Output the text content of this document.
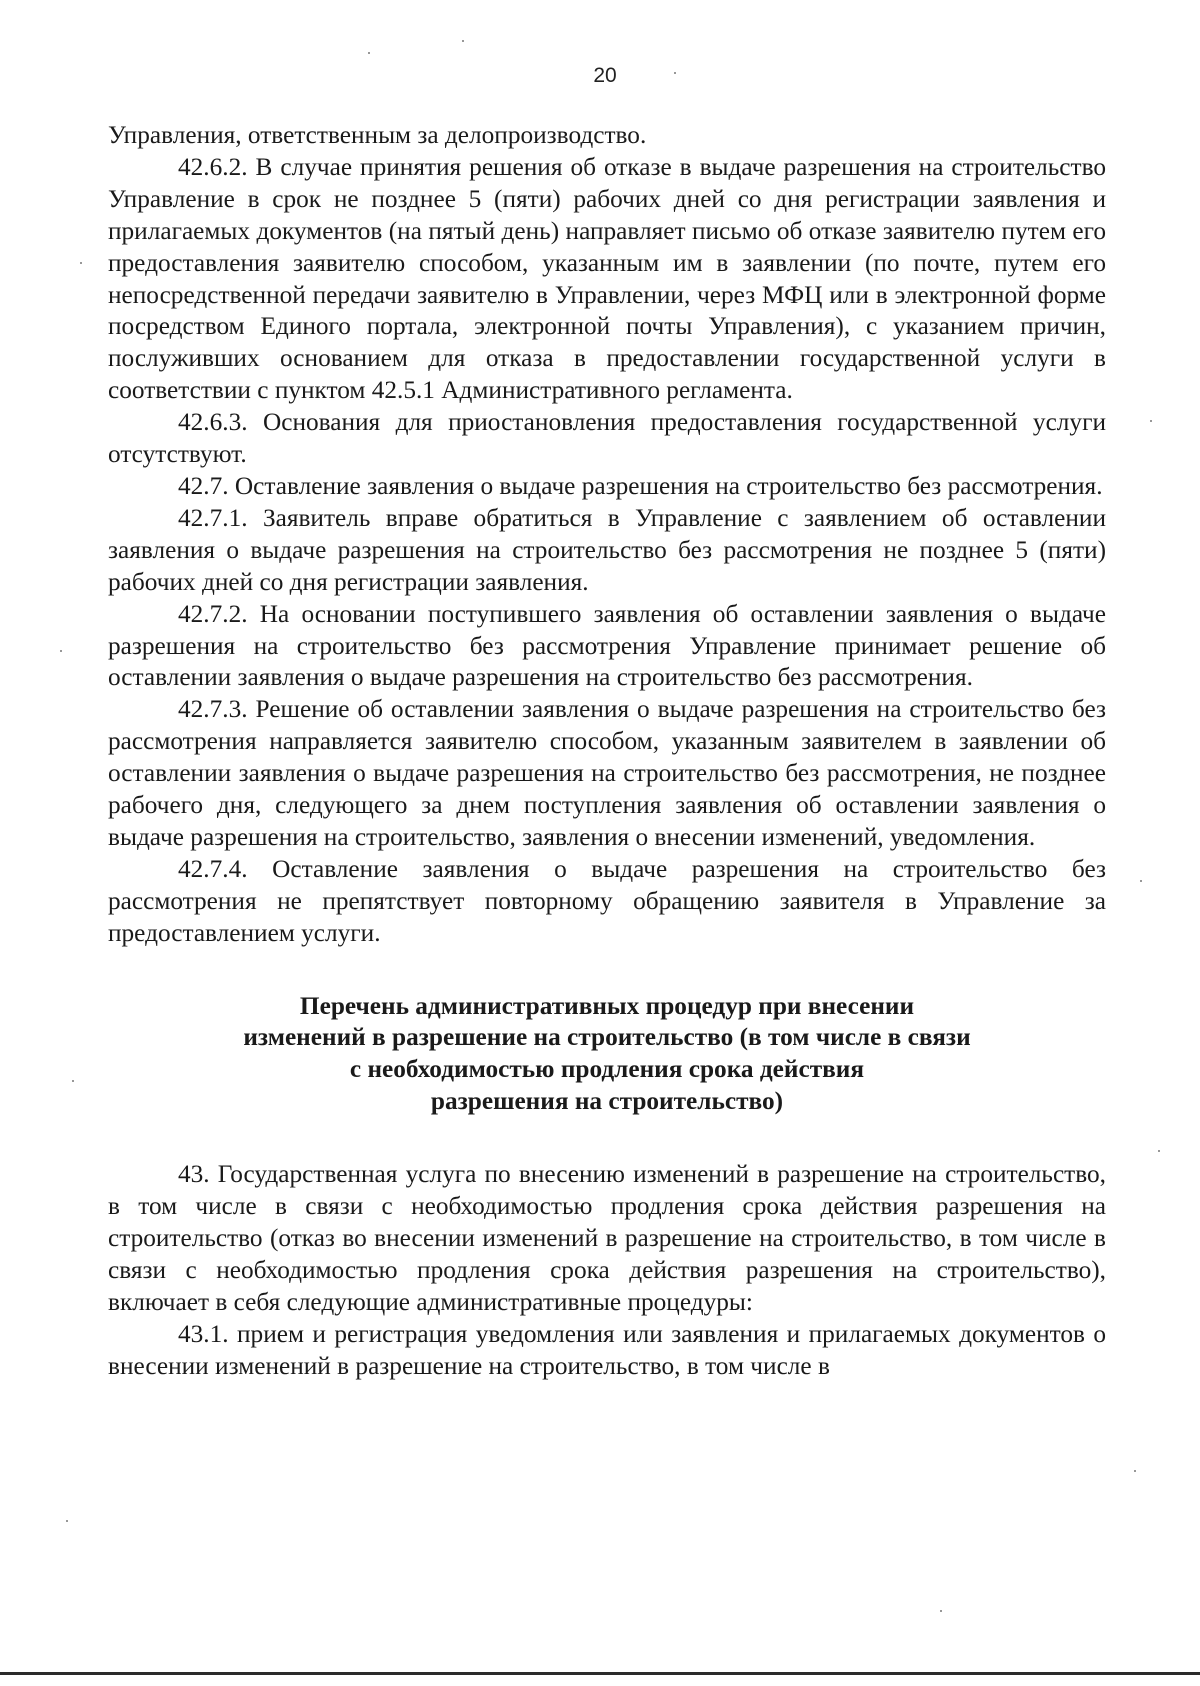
20

Управления, ответственным за делопроизводство.

42.6.2. В случае принятия решения об отказе в выдаче разрешения на строительство Управление в срок не позднее 5 (пяти) рабочих дней со дня регистрации заявления и прилагаемых документов (на пятый день) направляет письмо об отказе заявителю путем его предоставления заявителю способом, указанным им в заявлении (по почте, путем его непосредственной передачи заявителю в Управлении, через МФЦ или в электронной форме посредством Единого портала, электронной почты Управления), с указанием причин, послуживших основанием для отказа в предоставлении государственной услуги в соответствии с пунктом 42.5.1 Административного регламента.

42.6.3. Основания для приостановления предоставления государственной услуги отсутствуют.

42.7. Оставление заявления о выдаче разрешения на строительство без рассмотрения.

42.7.1. Заявитель вправе обратиться в Управление с заявлением об оставлении заявления о выдаче разрешения на строительство без рассмотрения не позднее 5 (пяти) рабочих дней со дня регистрации заявления.

42.7.2. На основании поступившего заявления об оставлении заявления о выдаче разрешения на строительство без рассмотрения Управление принимает решение об оставлении заявления о выдаче разрешения на строительство без рассмотрения.

42.7.3. Решение об оставлении заявления о выдаче разрешения на строительство без рассмотрения направляется заявителю способом, указанным заявителем в заявлении об оставлении заявления о выдаче разрешения на строительство без рассмотрения, не позднее рабочего дня, следующего за днем поступления заявления об оставлении заявления о выдаче разрешения на строительство, заявления о внесении изменений, уведомления.

42.7.4. Оставление заявления о выдаче разрешения на строительство без рассмотрения не препятствует повторному обращению заявителя в Управление за предоставлением услуги.

Перечень административных процедур при внесении
изменений в разрешение на строительство (в том числе в связи
с необходимостью продления срока действия
разрешения на строительство)

43. Государственная услуга по внесению изменений в разрешение на строительство, в том числе в связи с необходимостью продления срока действия разрешения на строительство (отказ во внесении изменений в разрешение на строительство, в том числе в связи с необходимостью продления срока действия разрешения на строительство), включает в себя следующие административные процедуры:

43.1. прием и регистрация уведомления или заявления и прилагаемых документов о внесении изменений в разрешение на строительство, в том числе в
